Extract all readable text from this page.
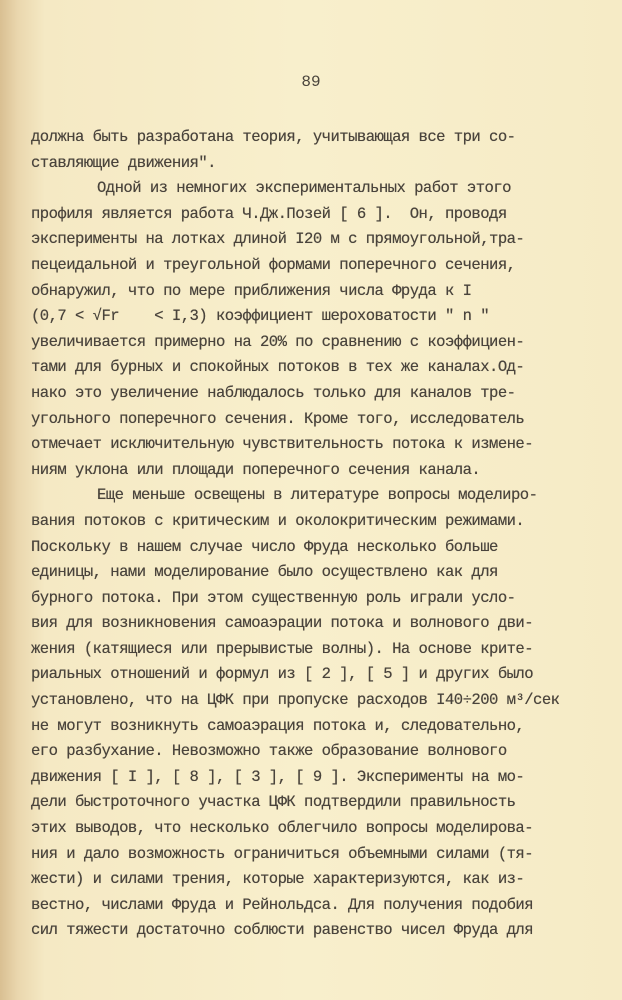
89
должна быть разработана теория, учитывающая все три со-
ставляющие движения".
Одной из немногих экспериментальных работ этого
профиля является работа Ч.Дж.Позей [ 6 ].  Он, проводя
эксперименты на лотках длиной I20 м с прямоугольной,тра-
пецеидальной и треугольной формами поперечного сечения,
обнаружил, что по мере приближения числа Фруда к I
(0,7 < √Fr    < I,3) коэффициент шероховатости " n "
увеличивается примерно на 20% по сравнению с коэффициен-
тами для бурных и спокойных потоков в тех же каналах.Од-
нако это увеличение наблюдалось только для каналов тре-
угольного поперечного сечения. Кроме того, исследователь
отмечает исключительную чувствительность потока к измене-
ниям уклона или площади поперечного сечения канала.
Еще меньше освещены в литературе вопросы моделиро-
вания потоков с критическим и околокритическим режимами.
Поскольку в нашем случае число Фруда несколько больше
единицы, нами моделирование было осуществлено как для
бурного потока. При этом существенную роль играли усло-
вия для возникновения самоаэрации потока и волнового дви-
жения (катящиеся или прерывистые волны). На основе крите-
риальных отношений и формул из [ 2 ], [ 5 ] и других было
установлено, что на ЦФК при пропуске расходов I40÷200 м³/сек
не могут возникнуть самоаэрация потока и, следовательно,
его разбухание. Невозможно также образование волнового
движения [ I ], [ 8 ], [ 3 ], [ 9 ]. Эксперименты на мо-
дели быстроточного участка ЦФК подтвердили правильность
этих выводов, что несколько облегчило вопросы моделирова-
ния и дало возможность ограничиться объемными силами (тя-
жести) и силами трения, которые характеризуются, как из-
вестно, числами Фруда и Рейнольдса. Для получения подобия
сил тяжести достаточно соблюсти равенство чисел Фруда для
